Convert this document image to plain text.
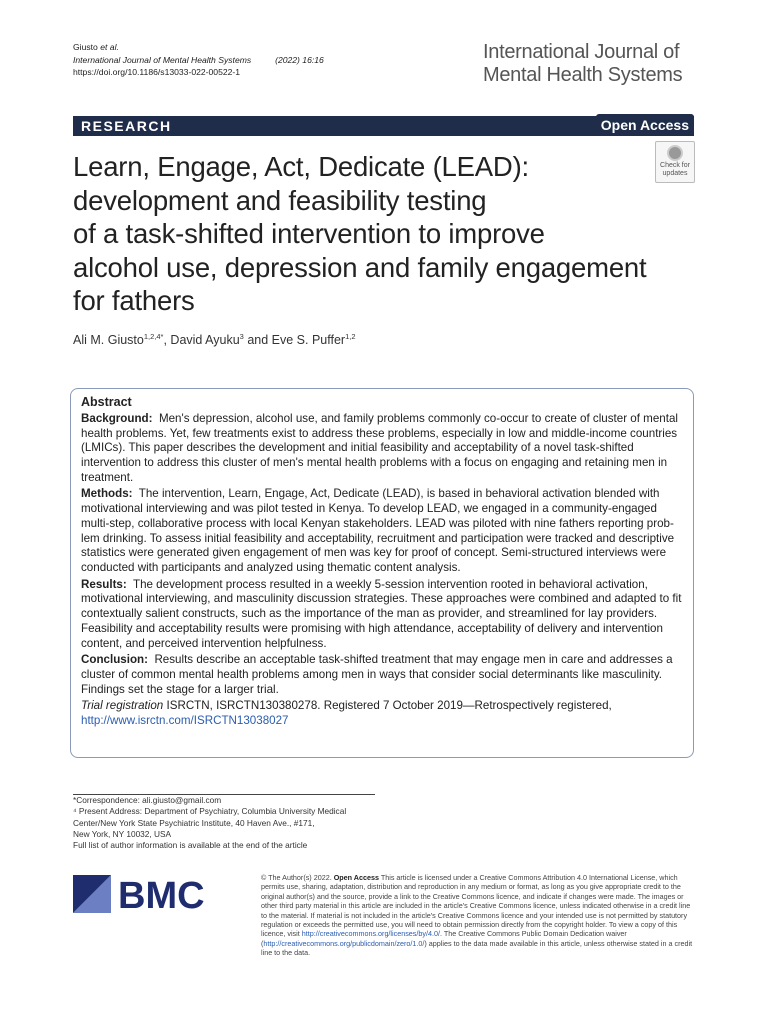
Giusto et al.
International Journal of Mental Health Systems	(2022) 16:16
https://doi.org/10.1186/s13033-022-00522-1
International Journal of
Mental Health Systems
RESEARCH	Open Access
Check for
updates
Learn, Engage, Act, Dedicate (LEAD):
development and feasibility testing
of a task-shifted intervention to improve
alcohol use, depression and family engagement
for fathers
Ali M. Giusto$^{1,2,4*}$, David Ayuku$^3$ and Eve S. Puffer$^{1,2}$
Abstract

Background: Men's depression, alcohol use, and family problems commonly co-occur to create of cluster of mental health problems. Yet, few treatments exist to address these problems, especially in low and middle-income countries (LMICs). This paper describes the development and initial feasibility and acceptability of a novel task-shifted intervention to address this cluster of men's mental health problems with a focus on engaging and retaining men in treatment.

Methods: The intervention, Learn, Engage, Act, Dedicate (LEAD), is based in behavioral activation blended with motivational interviewing and was pilot tested in Kenya. To develop LEAD, we engaged in a community-engaged multi-step, collaborative process with local Kenyan stakeholders. LEAD was piloted with nine fathers reporting problem drinking. To assess initial feasibility and acceptability, recruitment and participation were tracked and descriptive statistics were generated given engagement of men was key for proof of concept. Semi-structured interviews were conducted with participants and analyzed using thematic content analysis.

Results: The development process resulted in a weekly 5-session intervention rooted in behavioral activation, motivational interviewing, and masculinity discussion strategies. These approaches were combined and adapted to fit contextually salient constructs, such as the importance of the man as provider, and streamlined for lay providers. Feasibility and acceptability results were promising with high attendance, acceptability of delivery and intervention content, and perceived intervention helpfulness.

Conclusion: Results describe an acceptable task-shifted treatment that may engage men in care and addresses a cluster of common mental health problems among men in ways that consider social determinants like masculinity. Findings set the stage for a larger trial.

Trial registration ISRCTN, ISRCTN130380278. Registered 7 October 2019—Retrospectively registered, http://www.isrctn.com/ISRCTN13038027

*Correspondence: ali.giusto@gmail.com
⁴ Present Address: Department of Psychiatry, Columbia University Medical
Center/New York State Psychiatric Institute, 40 Haven Ave., #171,
New York, NY 10032, USA
Full list of author information is available at the end of the article
BMC	© The Author(s) 2022. Open Access This article is licensed under a Creative Commons Attribution 4.0 International License, which permits use, sharing, adaptation, distribution and reproduction in any medium or format, as long as you give appropriate credit to the original author(s) and the source, provide a link to the Creative Commons licence, and indicate if changes were made. The images or other third party material in this article are included in the article's Creative Commons licence, unless indicated otherwise in a credit line to the material. If material is not included in the article's Creative Commons licence and your intended use is not permitted by statutory regulation or exceeds the permitted use, you will need to obtain permission directly from the copyright holder. To view a copy of this licence, visit http://creativecommons.org/licenses/by/4.0/. The Creative Commons Public Domain Dedication waiver (http://creativecommons.org/publicdomain/zero/1.0/) applies to the data made available in this article, unless otherwise stated in a credit line to the data.
